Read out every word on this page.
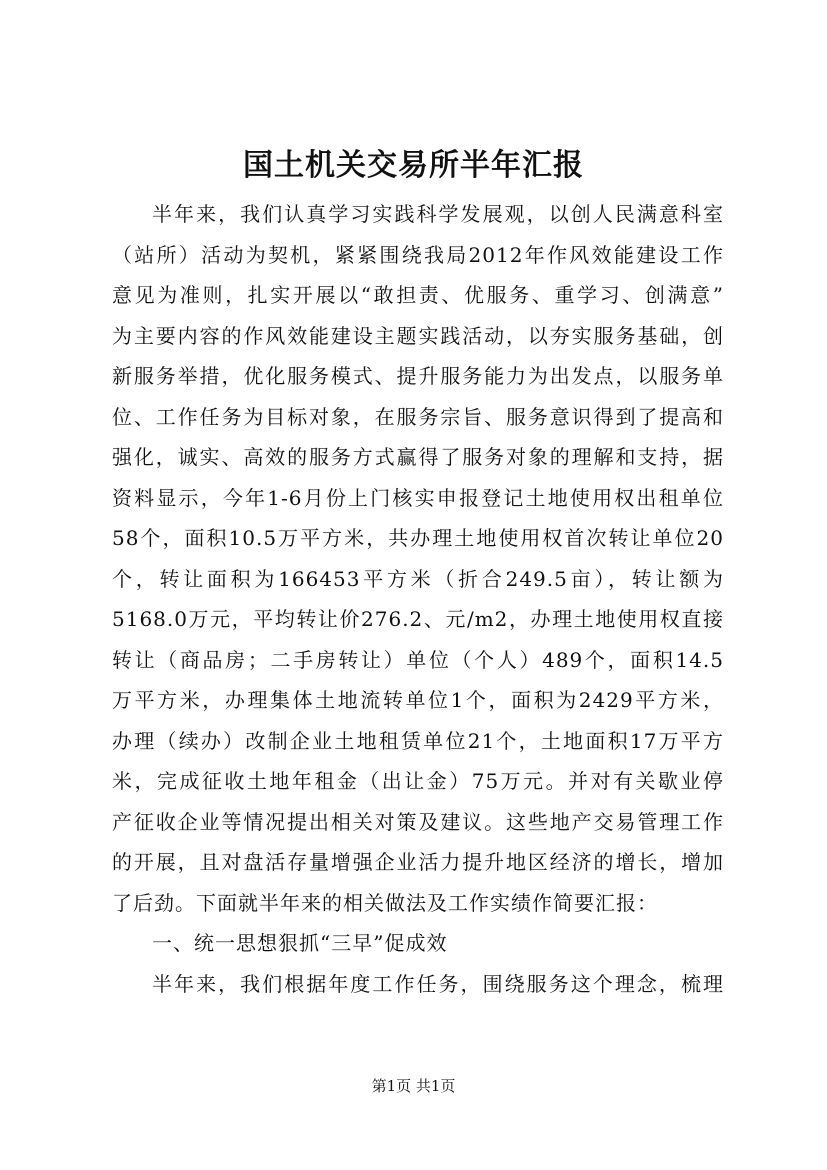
国土机关交易所半年汇报
半年来，我们认真学习实践科学发展观，以创人民满意科室
（站所）活动为契机，紧紧围绕我局2012年作风效能建设工作
意见为准则，扎实开展以“敢担责、优服务、重学习、创满意”
为主要内容的作风效能建设主题实践活动，以夯实服务基础，创
新服务举措，优化服务模式、提升服务能力为出发点，以服务单
位、工作任务为目标对象，在服务宗旨、服务意识得到了提高和
强化，诚实、高效的服务方式赢得了服务对象的理解和支持，据
资料显示，今年1-6月份上门核实申报登记土地使用权出租单位
58个，面积10.5万平方米，共办理土地使用权首次转让单位20
个，转让面积为166453平方米（折合249.5亩），转让额为
5168.0万元，平均转让价276.2、元/m2，办理土地使用权直接
转让（商品房；二手房转让）单位（个人）489个，面积14.5
万平方米，办理集体土地流转单位1个，面积为2429平方米，
办理（续办）改制企业土地租赁单位21个，土地面积17万平方
米，完成征收土地年租金（出让金）75万元。并对有关歇业停
产征收企业等情况提出相关对策及建议。这些地产交易管理工作
的开展，且对盘活存量增强企业活力提升地区经济的增长，增加
了后劲。下面就半年来的相关做法及工作实绩作简要汇报：
一、统一思想狠抓“三早”促成效
半年来，我们根据年度工作任务，围绕服务这个理念，梳理
第1页 共1页
